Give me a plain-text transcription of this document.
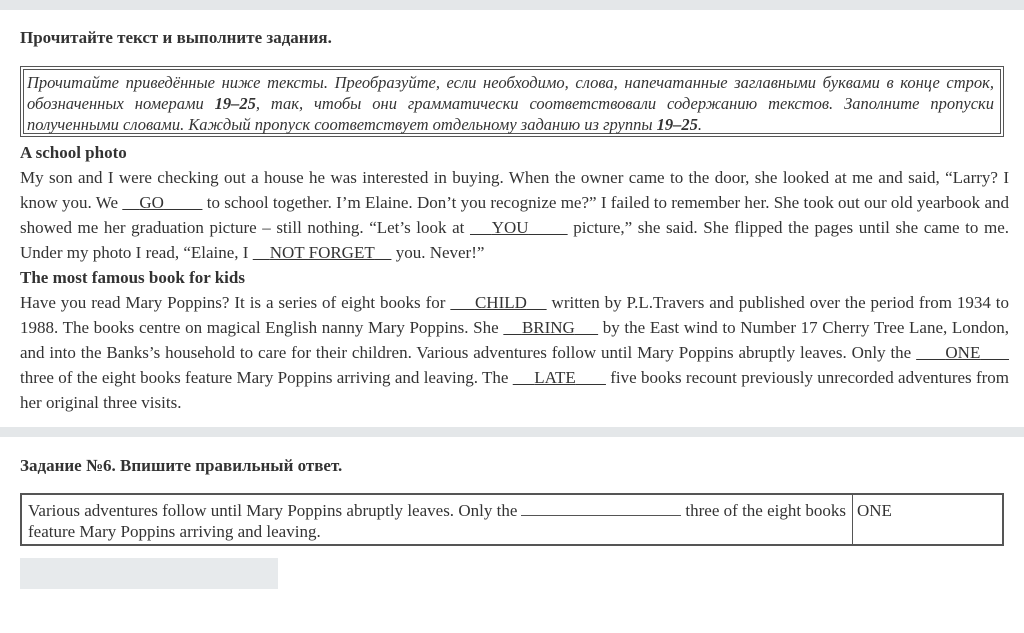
Прочитайте текст и выполните задания.
Прочитайте приведённые ниже тексты. Преобразуйте, если необходимо, слова, напечатанные заглавными буквами в конце строк, обозначенных номерами 19–25, так, чтобы они грамматически соответствовали содержанию текстов. Заполните пропуски полученными словами. Каждый пропуск соответствует отдельному заданию из группы 19–25.
A school photo

My son and I were checking out a house he was interested in buying. When the owner came to the door, she looked at me and said, “Larry? I know you. We     GO          to school together. I’m Elaine. Don’t you recognize me?” I failed to remember her. She took out our old yearbook and showed me her graduation picture – still nothing. “Let’s look at     YOU        picture,” she said. She flipped the pages until she came to me. Under my photo I read, “Elaine, I     NOT FORGET     you. Never!”

The most famous book for kids

Have you read Mary Poppins? It is a series of eight books for      CHILD     written by P.L.Travers and published over the period from 1934 to 1988. The books centre on magical English nanny Mary Poppins. She     BRING      by the East wind to Number 17 Cherry Tree Lane, London, and into the Banks’s household to care for their children. Various adventures follow until Mary Poppins abruptly leaves. Only the       ONE       three of the eight books feature Mary Poppins arriving and leaving. The      LATE        five books recount previously unrecorded adventures from her original three visits.

Задание №6. Впишите правильный ответ.
Various adventures follow until Mary Poppins abruptly leaves. Only the	three of the eight books feature Mary Poppins arriving and leaving.
ONE
